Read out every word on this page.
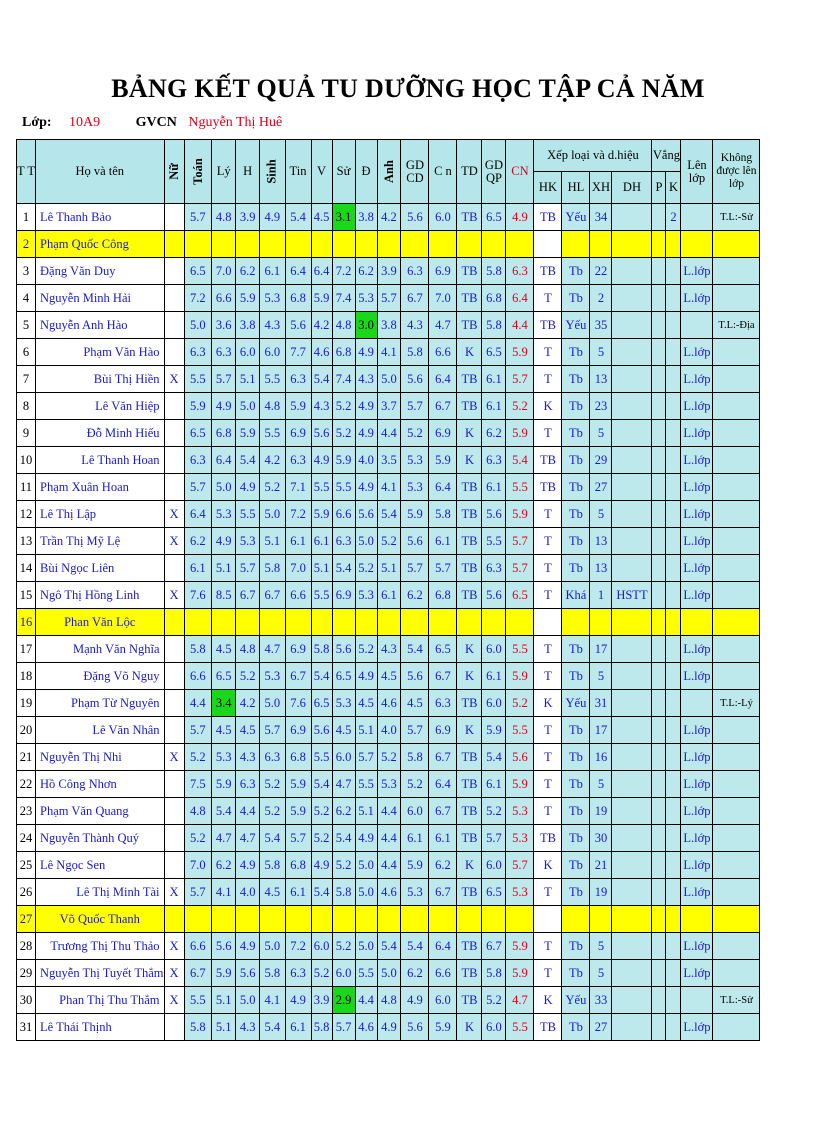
BẢNG KẾT QUẢ TU DƯỠNG HỌC TẬP CẢ NĂM
Lớp: 10A9	GVCN Nguyễn Thị Huê
T T	Họ và tên	Nữ	Toán	Lý	H	Sinh	Tin	V	Sử	Đ	Anh	GD CD	C n	TD	GD QP	CN	Xếp loại và d.hiệu				Vắng		Lên lớp	Không được lên lớp
																	HK	HL	XH	DH	P	K		
1	Lê Thanh Bảo		5.7	4.8	3.9	4.9	5.4	4.5	3.1	3.8	4.2	5.6	6.0	TB	6.5	4.9	TB	Yếu	34			2		T.L:-Sử
2	Phạm Quốc Công																							
3	Đặng Văn Duy		6.5	7.0	6.2	6.1	6.4	6.4	7.2	6.2	3.9	6.3	6.9	TB	5.8	6.3	TB	Tb	22				L.lớp	
4	Nguyễn Minh Hải		7.2	6.6	5.9	5.3	6.8	5.9	7.4	5.3	5.7	6.7	7.0	TB	6.8	6.4	T	Tb	2				L.lớp	
5	Nguyễn Anh Hào		5.0	3.6	3.8	4.3	5.6	4.2	4.8	3.0	3.8	4.3	4.7	TB	5.8	4.4	TB	Yếu	35					T.L:-Địa
6	Phạm Văn Hào		6.3	6.3	6.0	6.0	7.7	4.6	6.8	4.9	4.1	5.8	6.6	K	6.5	5.9	T	Tb	5				L.lớp	
7	Bùi Thị Hiền	X	5.5	5.7	5.1	5.5	6.3	5.4	7.4	4.3	5.0	5.6	6.4	TB	6.1	5.7	T	Tb	13				L.lớp	
8	Lê Văn Hiệp		5.9	4.9	5.0	4.8	5.9	4.3	5.2	4.9	3.7	5.7	6.7	TB	6.1	5.2	K	Tb	23				L.lớp	
9	Đỗ Minh Hiếu		6.5	6.8	5.9	5.5	6.9	5.6	5.2	4.9	4.4	5.2	6.9	K	6.2	5.9	T	Tb	5				L.lớp	
10	Lê Thanh Hoan		6.3	6.4	5.4	4.2	6.3	4.9	5.9	4.0	3.5	5.3	5.9	K	6.3	5.4	TB	Tb	29				L.lớp	
11	Phạm Xuân Hoan		5.7	5.0	4.9	5.2	7.1	5.5	5.5	4.9	4.1	5.3	6.4	TB	6.1	5.5	TB	Tb	27				L.lớp	
12	Lê Thị Lập	X	6.4	5.3	5.5	5.0	7.2	5.9	6.6	5.6	5.4	5.9	5.8	TB	5.6	5.9	T	Tb	5				L.lớp	
13	Trần Thị Mỹ Lệ	X	6.2	4.9	5.3	5.1	6.1	6.1	6.3	5.0	5.2	5.6	6.1	TB	5.5	5.7	T	Tb	13				L.lớp	
14	Bùi Ngọc Liên		6.1	5.1	5.7	5.8	7.0	5.1	5.4	5.2	5.1	5.7	5.7	TB	6.3	5.7	T	Tb	13				L.lớp	
15	Ngô Thị Hồng Linh	X	7.6	8.5	6.7	6.7	6.6	5.5	6.9	5.3	6.1	6.2	6.8	TB	5.6	6.5	T	Khá	1	HSTT			L.lớp	
16	Phan Văn Lộc																							
17	Mạnh Văn Nghĩa		5.8	4.5	4.8	4.7	6.9	5.8	5.6	5.2	4.3	5.4	6.5	K	6.0	5.5	T	Tb	17				L.lớp	
18	Đặng Võ Nguy		6.6	6.5	5.2	5.3	6.7	5.4	6.5	4.9	4.5	5.6	6.7	K	6.1	5.9	T	Tb	5				L.lớp	
19	Phạm Từ Nguyên		4.4	3.4	4.2	5.0	7.6	6.5	5.3	4.5	4.6	4.5	6.3	TB	6.0	5.2	K	Yếu	31					T.L:-Lý
20	Lê Văn Nhân		5.7	4.5	4.5	5.7	6.9	5.6	4.5	5.1	4.0	5.7	6.9	K	5.9	5.5	T	Tb	17				L.lớp	
21	Nguyễn Thị Nhi	X	5.2	5.3	4.3	6.3	6.8	5.5	6.0	5.7	5.2	5.8	6.7	TB	5.4	5.6	T	Tb	16				L.lớp	
22	Hồ Công Nhơn		7.5	5.9	6.3	5.2	5.9	5.4	4.7	5.5	5.3	5.2	6.4	TB	6.1	5.9	T	Tb	5				L.lớp	
23	Phạm Văn Quang		4.8	5.4	4.4	5.2	5.9	5.2	6.2	5.1	4.4	6.0	6.7	TB	5.2	5.3	T	Tb	19				L.lớp	
24	Nguyễn Thành Quý		5.2	4.7	4.7	5.4	5.7	5.2	5.4	4.9	4.4	6.1	6.1	TB	5.7	5.3	TB	Tb	30				L.lớp	
25	Lê Ngọc Sen		7.0	6.2	4.9	5.8	6.8	4.9	5.2	5.0	4.4	5.9	6.2	K	6.0	5.7	K	Tb	21				L.lớp	
26	Lê Thị Minh Tài	X	5.7	4.1	4.0	4.5	6.1	5.4	5.8	5.0	4.6	5.3	6.7	TB	6.5	5.3	T	Tb	19				L.lớp	
27	Võ Quốc Thanh																							
28	Trương Thị Thu Thảo	X	6.6	5.6	4.9	5.0	7.2	6.0	5.2	5.0	5.4	5.4	6.4	TB	6.7	5.9	T	Tb	5				L.lớp	
29	Nguyễn Thị Tuyết Thắm	X	6.7	5.9	5.6	5.8	6.3	5.2	6.0	5.5	5.0	6.2	6.6	TB	5.8	5.9	T	Tb	5				L.lớp	
30	Phan Thị Thu Thắm	X	5.5	5.1	5.0	4.1	4.9	3.9	2.9	4.4	4.8	4.9	6.0	TB	5.2	4.7	K	Yếu	33					T.L:-Sử
31	Lê Thái Thịnh		5.8	5.1	4.3	5.4	6.1	5.8	5.7	4.6	4.9	5.6	5.9	K	6.0	5.5	TB	Tb	27				L.lớp	
